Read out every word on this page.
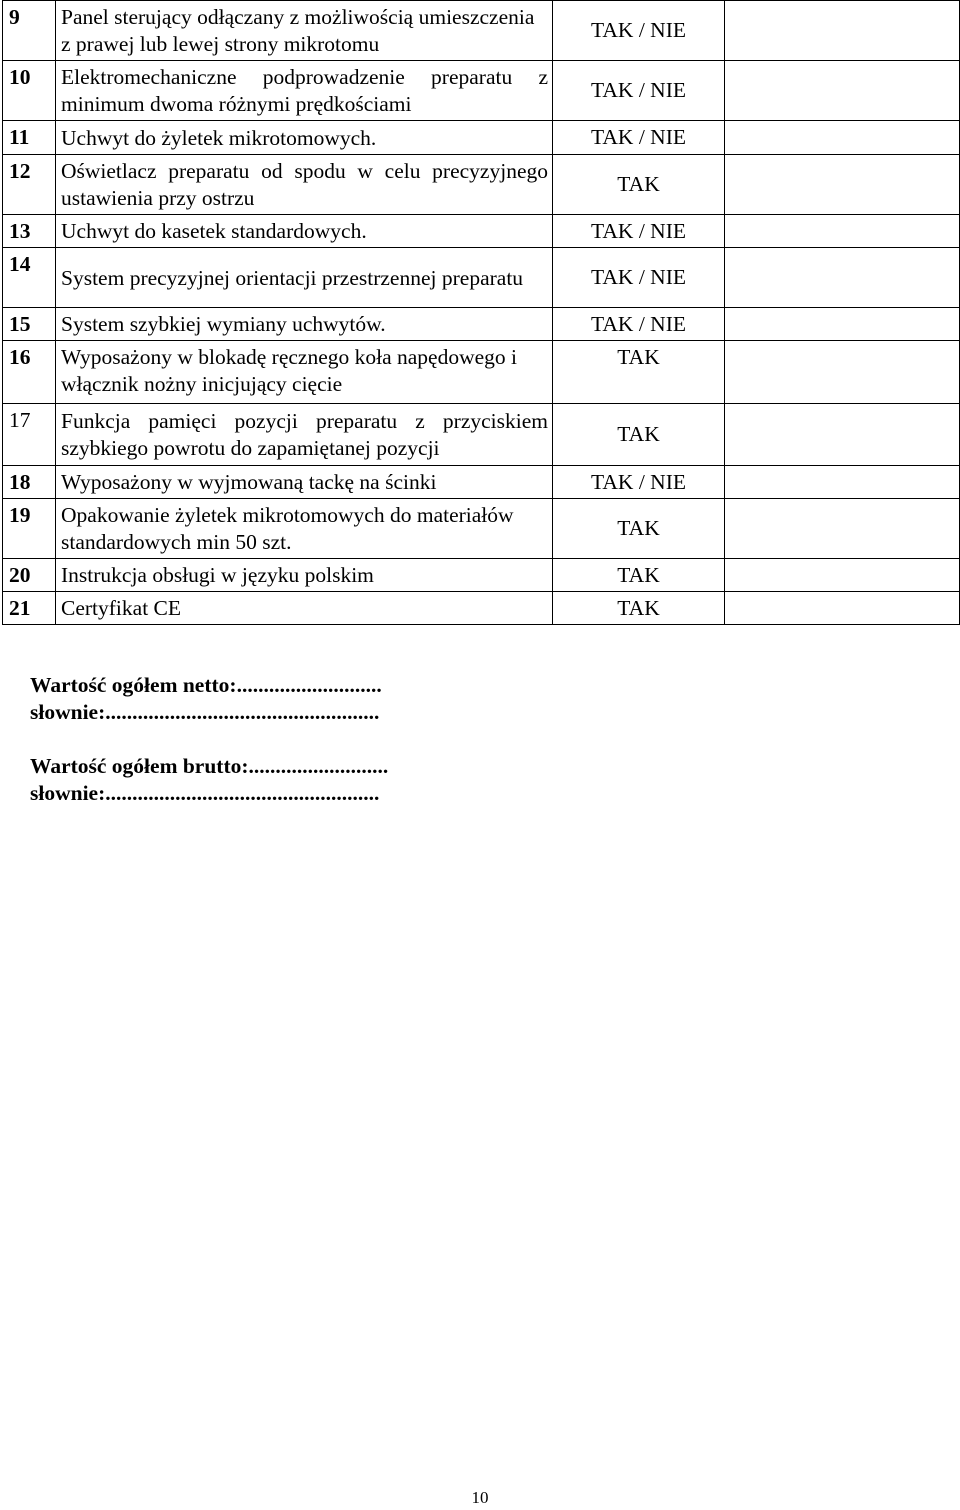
9	Panel sterujący odłączany z możliwością umieszczenia z prawej lub lewej strony mikrotomu	TAK / NIE	
10	Elektromechaniczne podprowadzenie preparatu z minimum dwoma różnymi prędkościami	TAK / NIE	
11	Uchwyt do żyletek mikrotomowych.	TAK / NIE	
12	Oświetlacz preparatu od spodu w celu precyzyjnego ustawienia przy ostrzu	TAK	
13	Uchwyt do kasetek standardowych.	TAK / NIE	
14	System precyzyjnej orientacji przestrzennej preparatu	TAK / NIE	
15	System szybkiej wymiany uchwytów.	TAK / NIE	
16	Wyposażony w blokadę ręcznego koła napędowego i włącznik nożny inicjujący cięcie	TAK	
17	Funkcja pamięci pozycji preparatu z przyciskiem szybkiego powrotu do zapamiętanej pozycji	TAK	
18	Wyposażony w wyjmowaną tackę na ścinki	TAK / NIE	
19	Opakowanie żyletek mikrotomowych do materiałów standardowych min 50 szt.	TAK	
20	Instrukcja obsługi w języku polskim	TAK	
21	Certyfikat CE	TAK	

Wartość ogółem netto:...........................

słownie:...................................................

Wartość ogółem brutto:..........................

słownie:...................................................

10
